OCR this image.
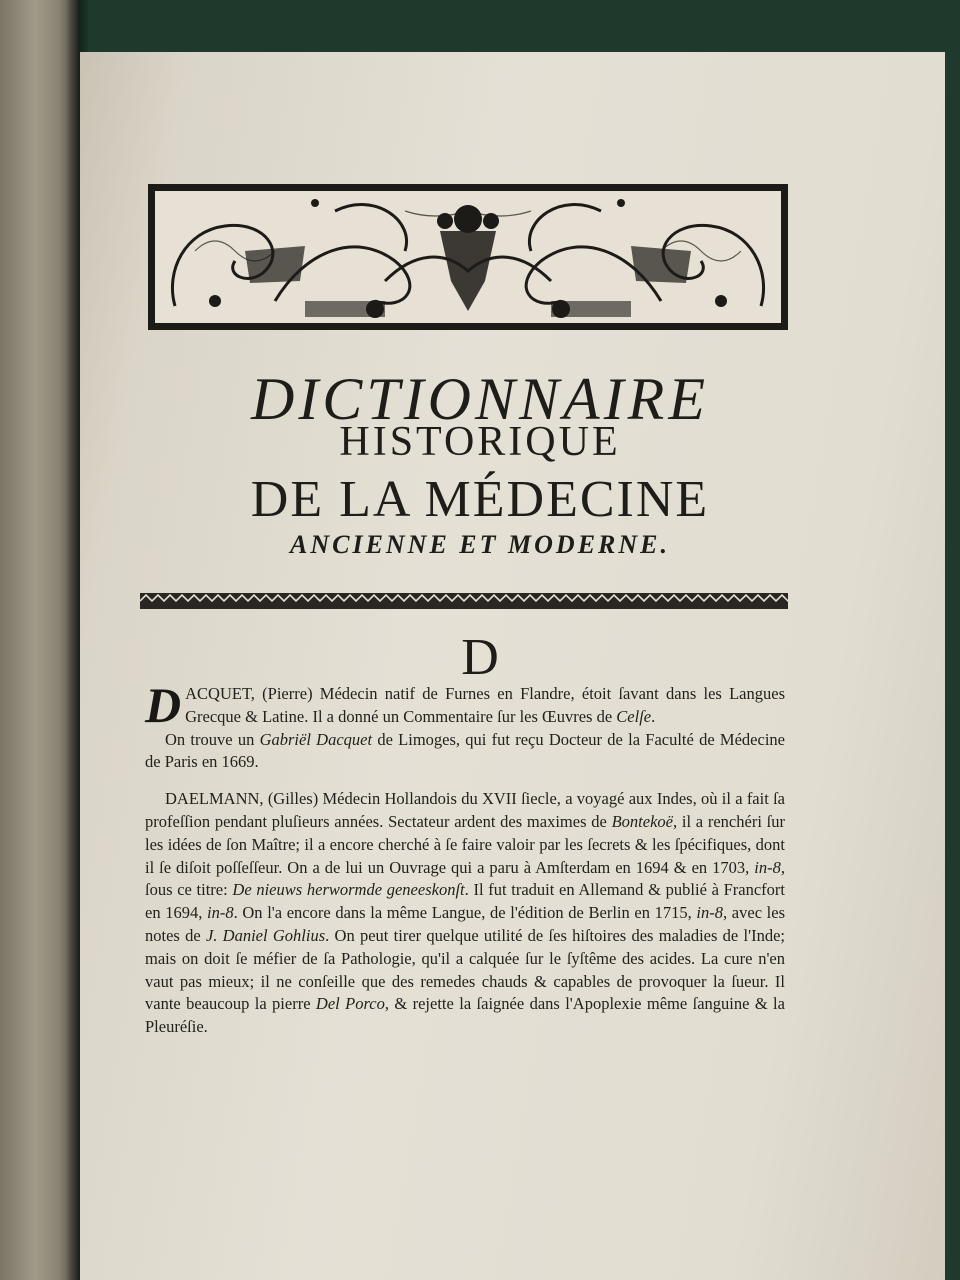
DICTIONNAIRE
HISTORIQUE
DE LA MÉDECINE
ANCIENNE ET MODERNE.
D

DACQUET, (Pierre) Médecin natif de Furnes en Flandre, étoit ſavant dans les Langues Grecque & Latine. Il a donné un Commentaire ſur les Œuvres de Celſe.

On trouve un Gabriël Dacquet de Limoges, qui fut reçu Docteur de la Faculté de Médecine de Paris en 1669.

DAELMANN, (Gilles) Médecin Hollandois du XVII ſiecle, a voyagé aux Indes, où il a fait ſa profeſſion pendant pluſieurs années. Sectateur ardent des maximes de Bontekoë, il a renchéri ſur les idées de ſon Maître; il a encore cherché à ſe faire valoir par les ſecrets & les ſpécifiques, dont il ſe diſoit poſſeſſeur. On a de lui un Ouvrage qui a paru à Amſterdam en 1694 & en 1703, in-8, ſous ce titre: De nieuws herwormde geneeskonſt. Il fut traduit en Allemand & publié à Francfort en 1694, in-8. On l'a encore dans la même Langue, de l'édition de Berlin en 1715, in-8, avec les notes de J. Daniel Gohlius. On peut tirer quelque utilité de ſes hiſtoires des maladies de l'Inde; mais on doit ſe méfier de ſa Pathologie, qu'il a calquée ſur le ſyſtême des acides. La cure n'en vaut pas mieux; il ne conſeille que des remedes chauds & capables de provoquer la ſueur. Il vante beaucoup la pierre Del Porco, & rejette la ſaignée dans l'Apoplexie même ſanguine & la Pleuréſie.
